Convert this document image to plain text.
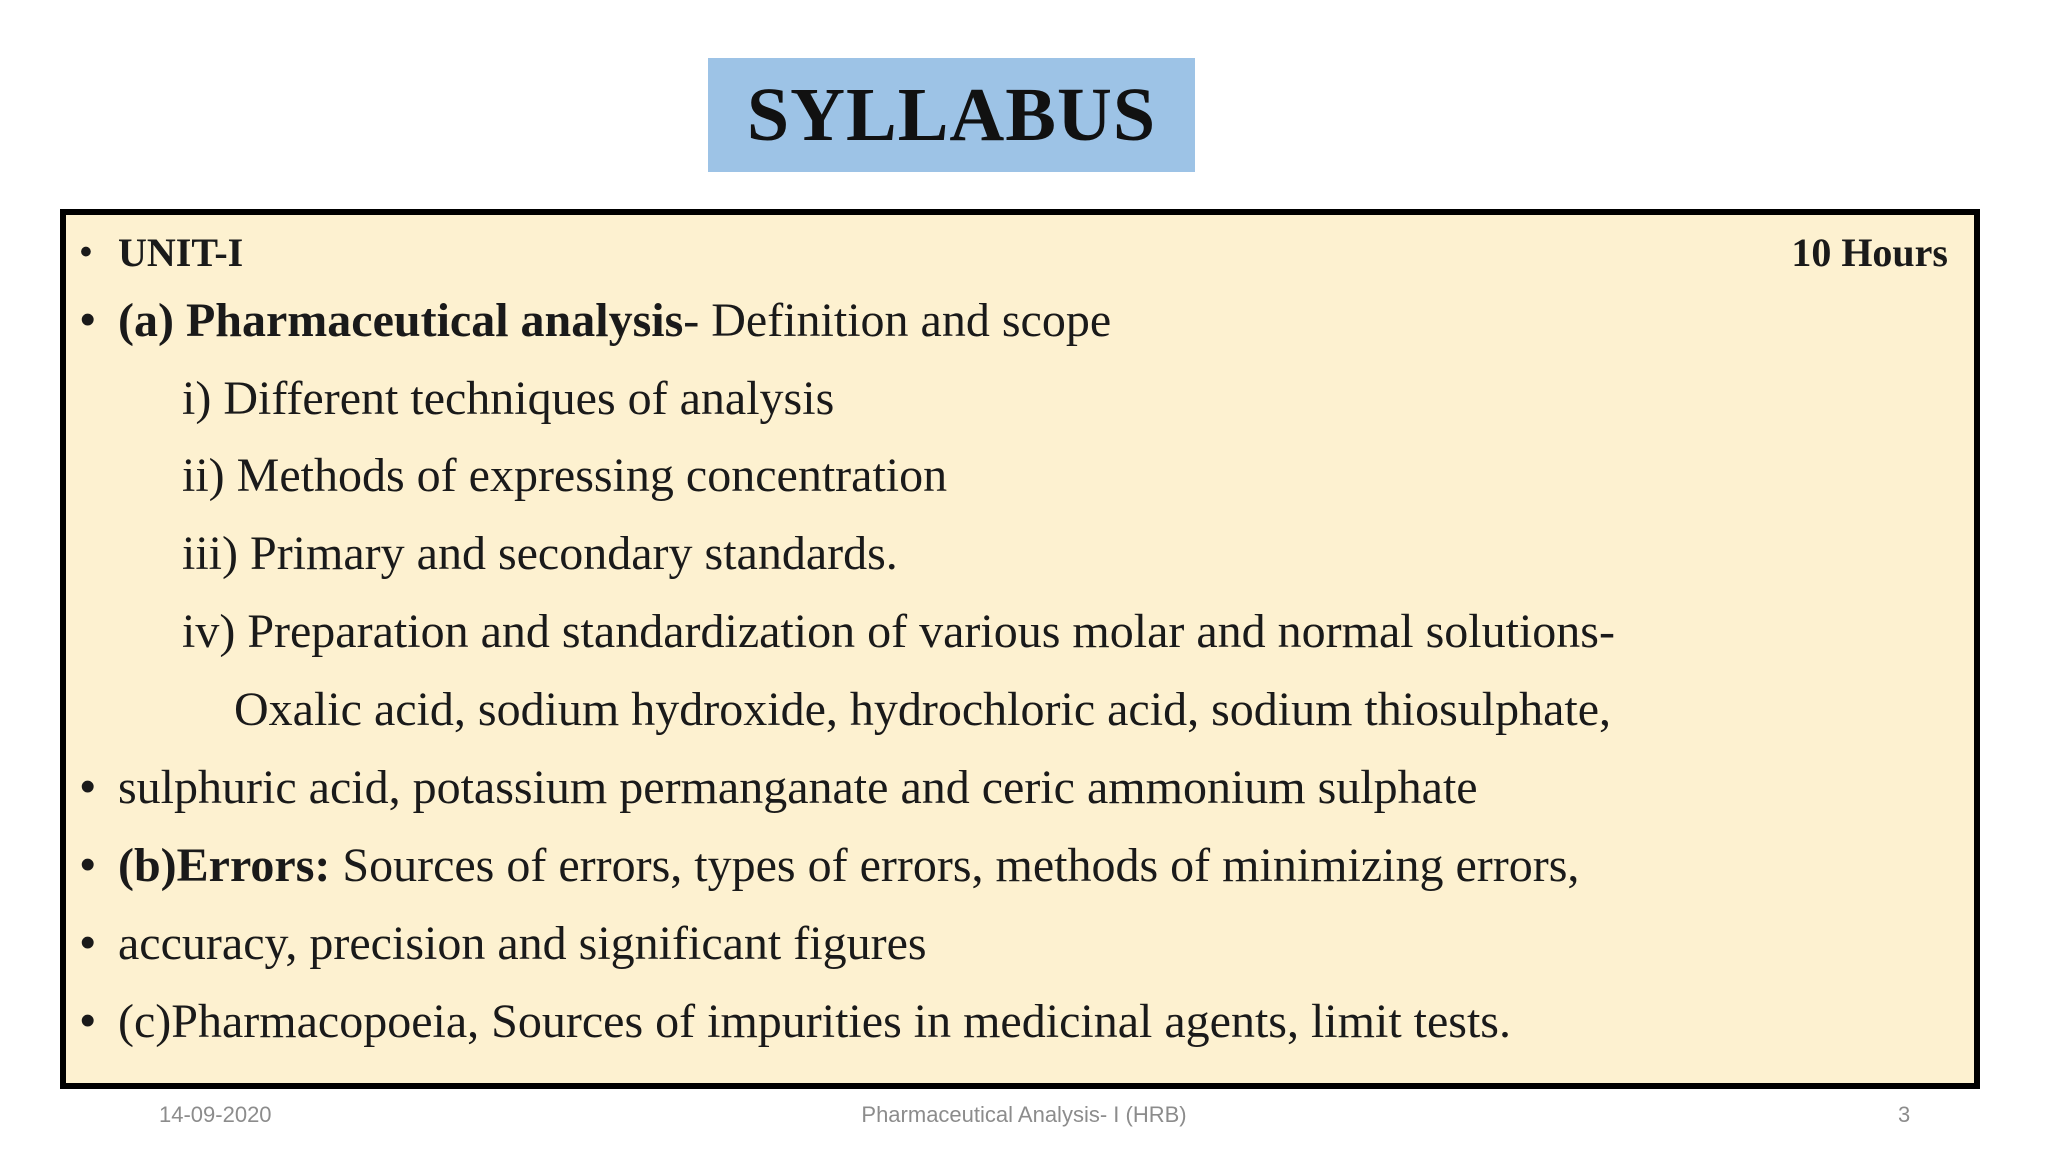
SYLLABUS
• UNIT-I	10 Hours
• (a) Pharmaceutical analysis- Definition and scope
i) Different techniques of analysis
ii) Methods of expressing concentration
iii) Primary and secondary standards.
iv) Preparation and standardization of various molar and normal solutions-
Oxalic acid, sodium hydroxide, hydrochloric acid, sodium thiosulphate,
• sulphuric acid, potassium permanganate and ceric ammonium sulphate
• (b)Errors: Sources of errors, types of errors, methods of minimizing errors,
• accuracy, precision and significant figures
• (c)Pharmacopoeia, Sources of impurities in medicinal agents, limit tests.
14-09-2020	Pharmaceutical Analysis- I (HRB)	3
